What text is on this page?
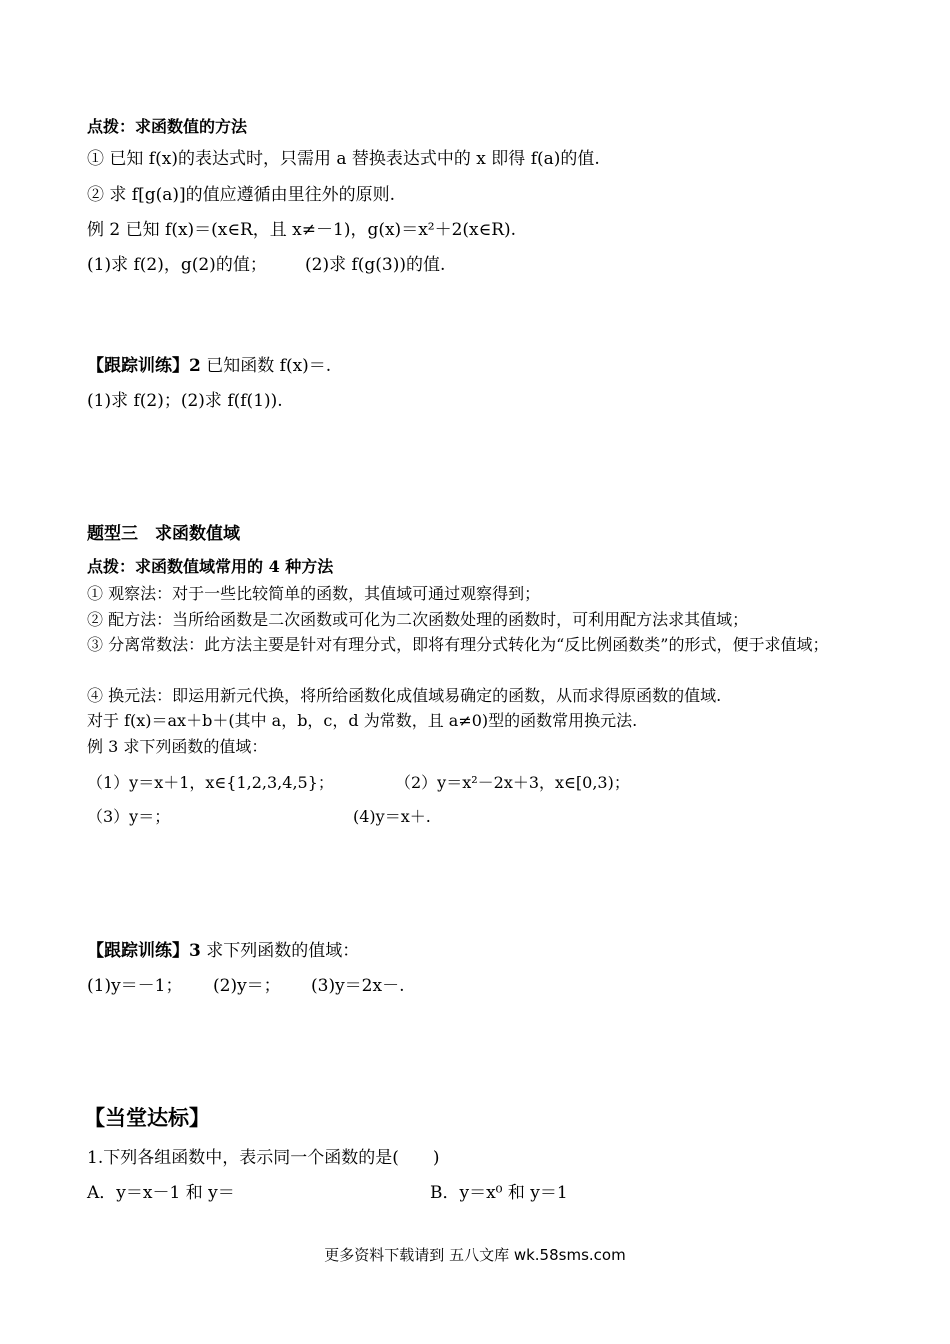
点拨：求函数值的方法
① 已知 f(x)的表达式时，只需用 a 替换表达式中的 x 即得 f(a)的值.
② 求 f[g(a)]的值应遵循由里往外的原则.
例 2 已知 f(x)＝(x∈R，且 x≠－1)，g(x)＝x²＋2(x∈R).
(1)求 f(2)，g(2)的值； (2)求 f(g(3))的值.
【跟踪训练】2 已知函数 f(x)＝.
(1)求 f(2)；(2)求 f(f(1)).
题型三　求函数值域
点拨：求函数值域常用的 4 种方法
① 观察法：对于一些比较简单的函数，其值域可通过观察得到；
② 配方法：当所给函数是二次函数或可化为二次函数处理的函数时，可利用配方法求其值域；
③ 分离常数法：此方法主要是针对有理分式，即将有理分式转化为“反比例函数类”的形式，便于求值域；
④ 换元法：即运用新元代换，将所给函数化成值域易确定的函数，从而求得原函数的值域.
对于 f(x)＝ax＋b＋(其中 a，b，c，d 为常数，且 a≠0)型的函数常用换元法.
例 3 求下列函数的值域：
（1）y＝x＋1，x∈{1,2,3,4,5}；	（2）y＝x²－2x＋3，x∈[0,3)；
（3）y＝；	(4)y＝x＋.
【跟踪训练】3 求下列函数的值域：
(1)y＝－1； (2)y＝； (3)y＝2x－.
【当堂达标】
1.下列各组函数中，表示同一个函数的是(　　)
A．y＝x－1 和 y＝	B．y＝x⁰ 和 y＝1
更多资料下载请到 五八文库 wk.58sms.com
